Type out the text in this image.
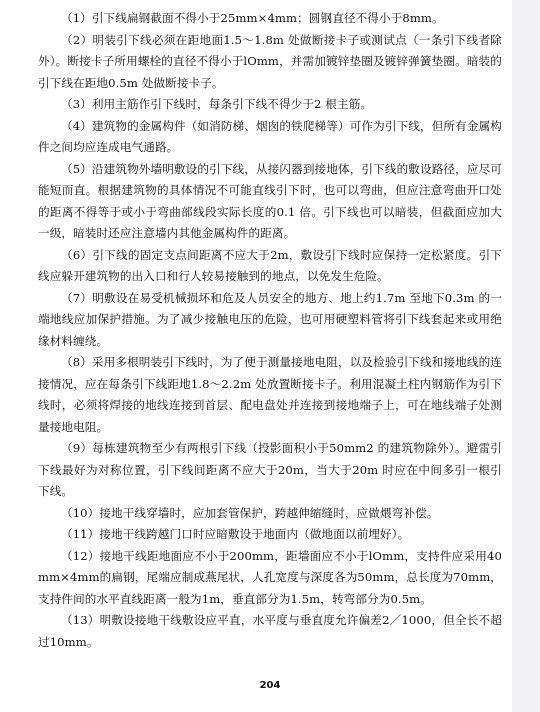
（1）引下线扁钢截面不得小于25mm×4mm；圆钢直径不得小于8mm。

（2）明装引下线必须在距地面1.5～1.8m 处做断接卡子或测试点（一条引下线者除外）。断接卡子所用螺栓的直径不得小于lOmm，并需加镀锌垫圈及镀锌弹簧垫圈。暗装的引下线在距地0.5m 处做断接卡子。

（3）利用主筋作引下线时，每条引下线不得少于2 根主筋。

（4）建筑物的金属构件（如消防梯、烟囱的铁爬梯等）可作为引下线，但所有金属构件之间均应连成电气通路。

（5）沿建筑物外墙明敷设的引下线，从接闪器到接地体，引下线的敷设路径，应尽可能短而直。根据建筑物的具体情况不可能直线引下时，也可以弯曲，但应注意弯曲开口处的距离不得等于或小于弯曲部线段实际长度的0.1 倍。引下线也可以暗装，但截面应加大一级，暗装时还应注意墙内其他金属构件的距离。

（6）引下线的固定支点间距离不应大于2m，敷设引下线时应保持一定松紧度。引下线应躲开建筑物的出入口和行人较易接触到的地点，以免发生危险。

（7）明敷设在易受机械损坏和危及人员安全的地方、地上约1.7m 至地下0.3m 的一端地线应加保护措施。为了减少接触电压的危险，也可用硬塑料管将引下线套起来或用绝缘材料缠绕。

（8）采用多根明装引下线时，为了便于测量接地电阻，以及检验引下线和接地线的连接情况，应在每条引下线距地1.8～2.2m 处放置断接卡子。利用混凝土柱内钢筋作为引下线时，必须将焊接的地线连接到首层、配电盘处并连接到接地端子上，可在地线端子处测量接地电阻。

（9）每栋建筑物至少有两根引下线（投影面积小于50mm2 的建筑物除外）。避雷引下线最好为对称位置，引下线间距离不应大于20m，当大于20m 时应在中间多引一根引下线。

（10）接地干线穿墙时，应加套管保护，跨越伸缩缝时，应做煨弯补偿。

（11）接地干线跨越门口时应暗敷设于地面内（做地面以前埋好）。

（12）接地干线距地面应不小于200mm，距墙面应不小于lOmm，支持件应采用40mm×4mm的扁钢，尾端应制成燕尾状，人孔宽度与深度各为50mm，总长度为70mm，支持件间的水平直线距离一般为1m，垂直部分为1.5m，转弯部分为0.5m。

（13）明敷设接地干线敷设应平直，水平度与垂直度允许偏差2／1000，但全长不超过10mm。

204
